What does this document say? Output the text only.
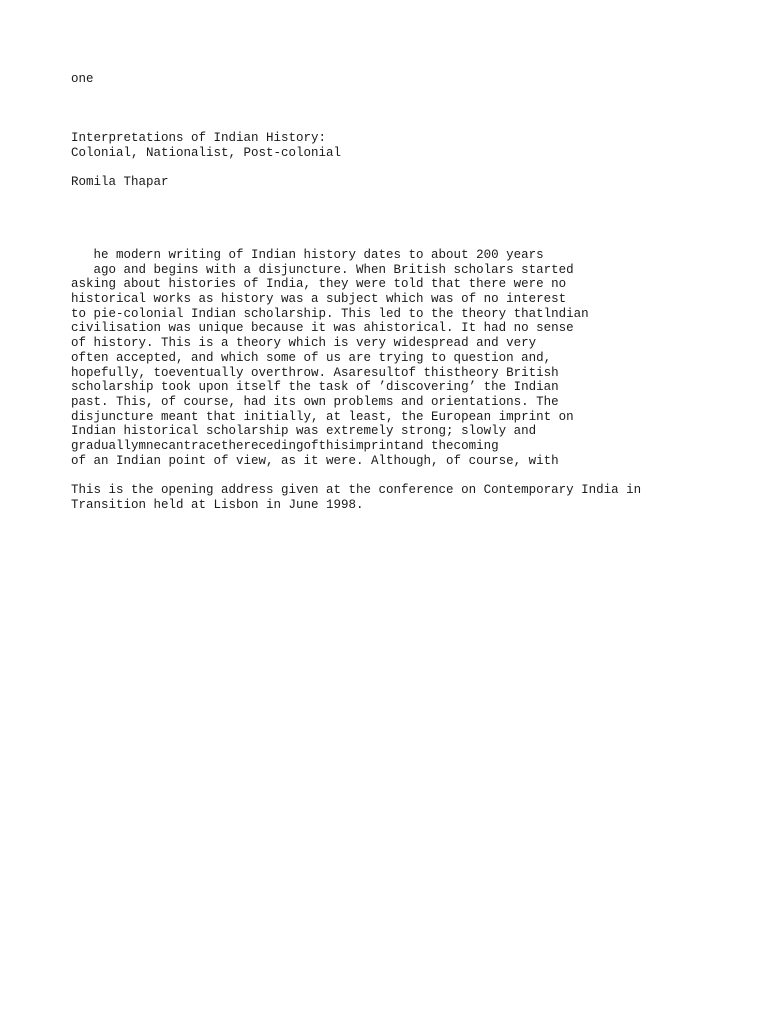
one

Interpretations of Indian History:
Colonial, Nationalist, Post-colonial

Romila Thapar

he modern writing of Indian history dates to about 200 years
ago and begins with a disjuncture. When British scholars started
asking about histories of India, they were told that there were no
historical works as history was a subject which was of no interest
to pie-colonial Indian scholarship. This led to the theory thatlndian
civilisation was unique because it was ahistorical. It had no sense
of history. This is a theory which is very widespread and very
often accepted, and which some of us are trying to question and,
hopefully, toeventually overthrow. Asaresultof thistheory British
scholarship took upon itself the task of ’discovering’ the Indian
past. This, of course, had its own problems and orientations. The
disjuncture meant that initially, at least, the European imprint on
Indian historical scholarship was extremely strong; slowly and
graduallymnecantracetherecedingofthisimprintand thecoming
of an Indian point of view, as it were. Although, of course, with
This is the opening address given at the conference on Contemporary India in
Transition held at Lisbon in June 1998.
